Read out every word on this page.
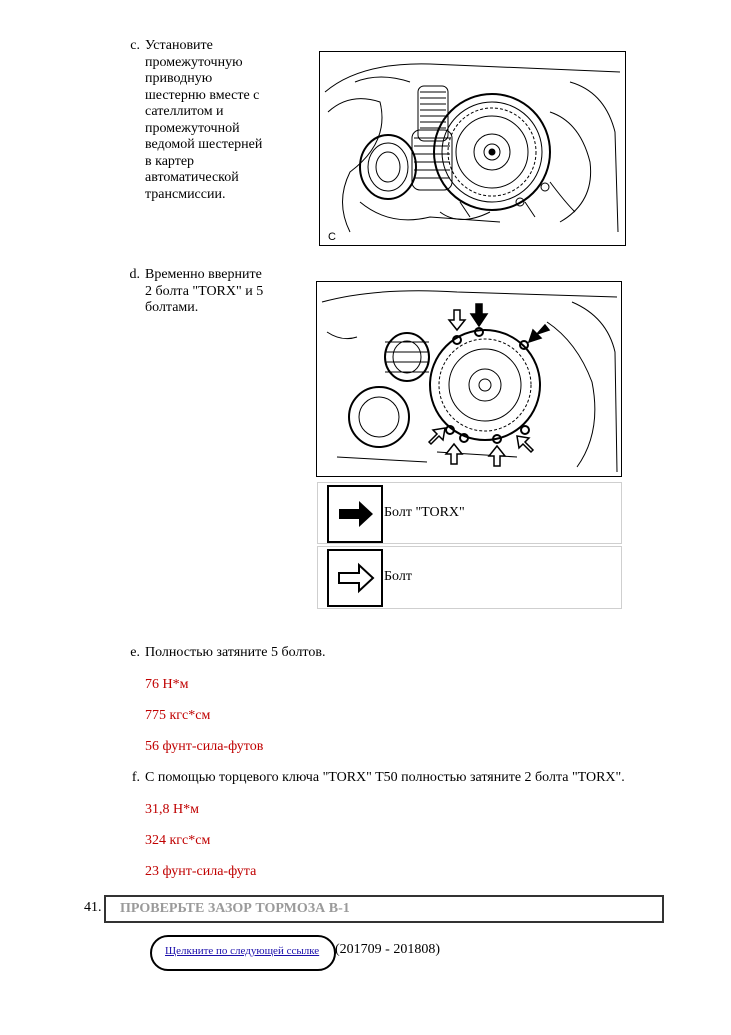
c. Установите
промежуточную
приводную
шестерню вместе с
сателлитом и
промежуточной
ведомой шестерней
в картер
автоматической
трансмиссии.
C
d. Временно вверните
2 болта "TORX" и 5
болтами.
Болт "TORX"
Болт
e. Полностью затяните 5 болтов.
76 Н*м
775 кгс*см
56 фунт-сила-футов
f. С помощью торцевого ключа "TORX" T50 полностью затяните 2 болта "TORX".
31,8 Н*м
324 кгс*см
23 фунт-сила-фута
41. ПРОВЕРЬТЕ ЗАЗОР ТОРМОЗА B-1
Щелкните по следующей ссылке (201709 - 201808)
